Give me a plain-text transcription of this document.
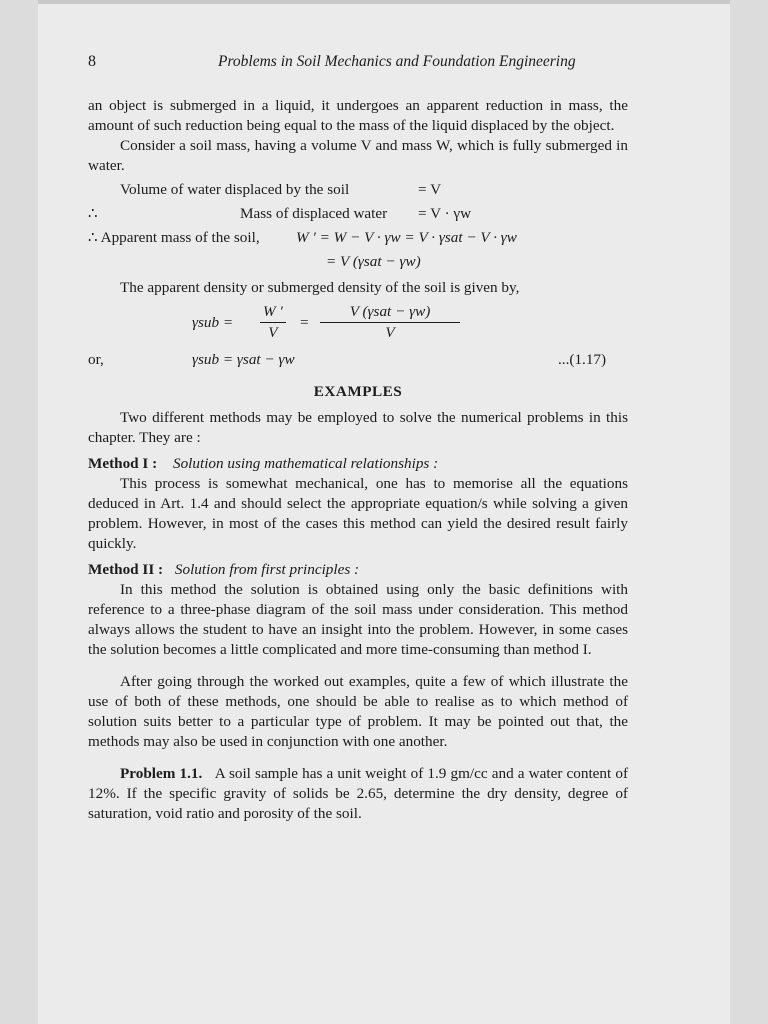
8	Problems in Soil Mechanics and Foundation Engineering

an object is submerged in a liquid, it undergoes an apparent reduction in mass, the amount of such reduction being equal to the mass of the liquid displaced by the object.

Consider a soil mass, having a volume V and mass W, which is fully submerged in water.

Volume of water displaced by the soil	= V
∴	Mass of displaced water = V · γw
∴ Apparent mass of the soil, W ′ = W − V · γw = V · γsat − V · γw
= V (γsat − γw)

The apparent density or submerged density of the soil is given by,

$\gamma sub = \frac{W '}{V}$ =
V (γsat − γw)
V
or,	γsub = γsat − γw	...(1.17)
EXAMPLES

Two different methods may be employed to solve the numerical problems in this chapter. They are :

Method I : Solution using mathematical relationships :

This process is somewhat mechanical, one has to memorise all the equations deduced in Art. 1.4 and should select the appropriate equation/s while solving a given problem. However, in most of the cases this method can yield the desired result fairly quickly.

Method II : Solution from first principles :

In this method the solution is obtained using only the basic definitions with reference to a three-phase diagram of the soil mass under consideration. This method always allows the student to have an insight into the problem. However, in some cases the solution becomes a little complicated and more time-consuming than method I.

After going through the worked out examples, quite a few of which illustrate the use of both of these methods, one should be able to realise as to which method of solution suits better to a particular type of problem. It may be pointed out that, the methods may also be used in conjunction with one another.

Problem 1.1. A soil sample has a unit weight of 1.9 gm/cc and a water content of 12%. If the specific gravity of solids be 2.65, determine the dry density, degree of saturation, void ratio and porosity of the soil.
